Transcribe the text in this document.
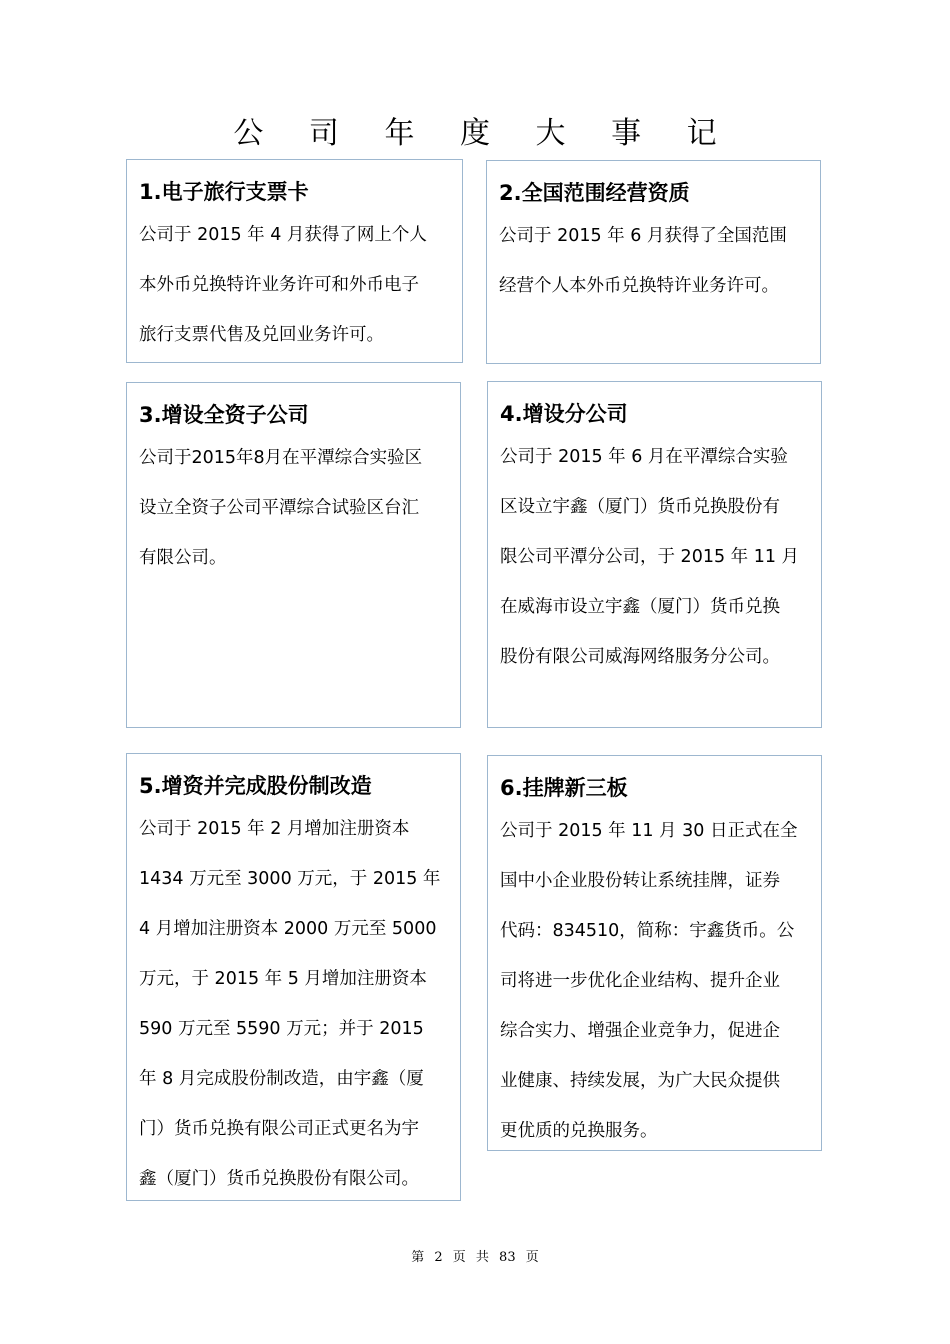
公 司 年 度 大 事 记
1.电子旅行支票卡

公司于 2015 年 4 月获得了网上个人

本外币兑换特许业务许可和外币电子

旅行支票代售及兑回业务许可。

2.全国范围经营资质

公司于 2015 年 6 月获得了全国范围

经营个人本外币兑换特许业务许可。

3.增设全资子公司

公司于2015年8月在平潭综合实验区

设立全资子公司平潭综合试验区台汇

有限公司。

4.增设分公司

公司于 2015 年 6 月在平潭综合实验

区设立宇鑫（厦门）货币兑换股份有

限公司平潭分公司，于 2015 年 11 月

在威海市设立宇鑫（厦门）货币兑换

股份有限公司威海网络服务分公司。

5.增资并完成股份制改造

公司于 2015 年 2 月增加注册资本

1434 万元至 3000 万元，于 2015 年

4 月增加注册资本 2000 万元至 5000

万元，于 2015 年 5 月增加注册资本

590 万元至 5590 万元；并于 2015

年 8 月完成股份制改造，由宇鑫（厦

门）货币兑换有限公司正式更名为宇

鑫（厦门）货币兑换股份有限公司。

6.挂牌新三板

公司于 2015 年 11 月 30 日正式在全

国中小企业股份转让系统挂牌，证券

代码：834510，简称：宇鑫货币。公

司将进一步优化企业结构、提升企业

综合实力、增强企业竞争力，促进企

业健康、持续发展，为广大民众提供

更优质的兑换服务。

第 2 页 共 83 页
